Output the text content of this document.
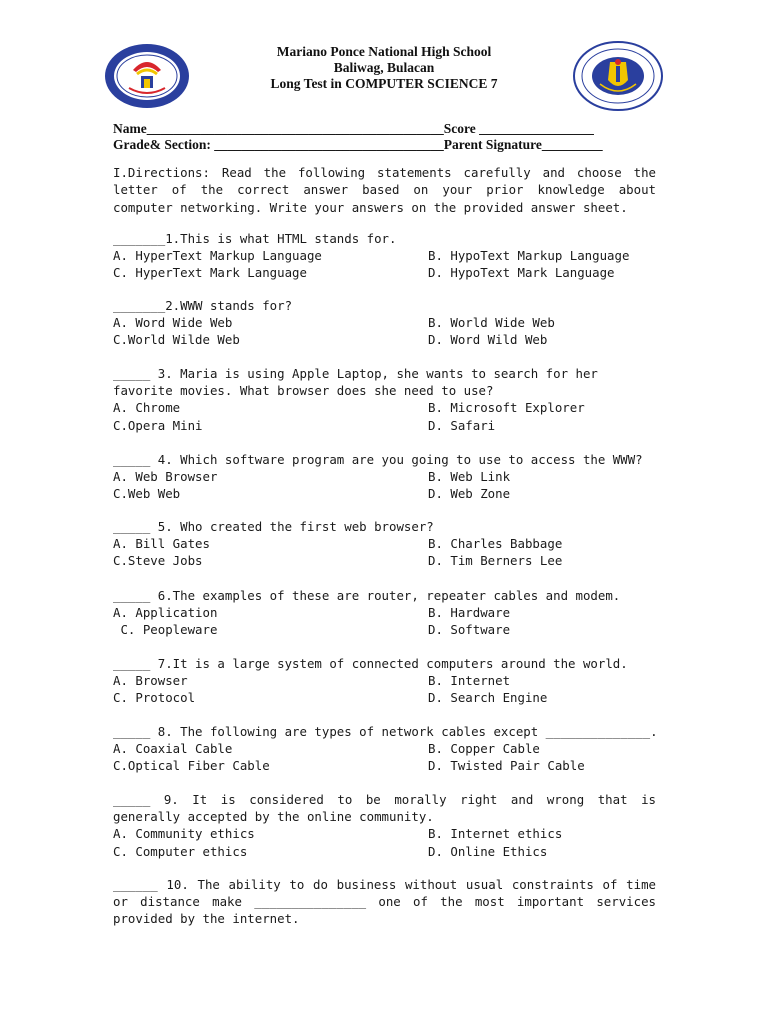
Mariano Ponce National High School
Baliwag, Bulacan
Long Test in COMPUTER SCIENCE 7
Name____________________________________________Score _________________
Grade& Section: __________________________________Parent Signature_________
I.Directions: Read the following statements carefully and choose the letter of the correct answer based on your prior knowledge about computer networking. Write your answers on the provided answer sheet.
_______1.This is what HTML stands for.
A. HyperText Markup Language	B. HypoText Markup Language
C. HyperText Mark Language	D. HypoText Mark Language
_______2.WWW stands for?
A. Word Wide Web	B. World Wide Web
C.World Wilde Web	D. Word Wild Web
_____ 3. Maria is using Apple Laptop, she wants to search for her
favorite movies. What browser does she need to use?
A. Chrome	B. Microsoft Explorer
C.Opera Mini	D. Safari
_____ 4. Which software program are you going to use to access the WWW?
A. Web Browser	B. Web Link
C.Web Web	D. Web Zone
_____ 5. Who created the first web browser?
A. Bill Gates	B. Charles Babbage
C.Steve Jobs	D. Tim Berners Lee
_____ 6.The examples of these are router, repeater cables and modem.
A. Application	B. Hardware
C. Peopleware	D. Software
_____ 7.It is a large system of connected computers around the world.
A. Browser	B. Internet
C. Protocol	D. Search Engine
_____ 8. The following are types of network cables except ______________.
A. Coaxial Cable	B. Copper Cable
C.Optical Fiber Cable	D. Twisted Pair Cable
_____ 9. It is considered to be morally right and wrong that is generally accepted by the online community.
A. Community ethics	B. Internet ethics
C. Computer ethics	D. Online Ethics
______ 10. The ability to do business without usual constraints of time or distance make _______________ one of the most important services provided by the internet.
